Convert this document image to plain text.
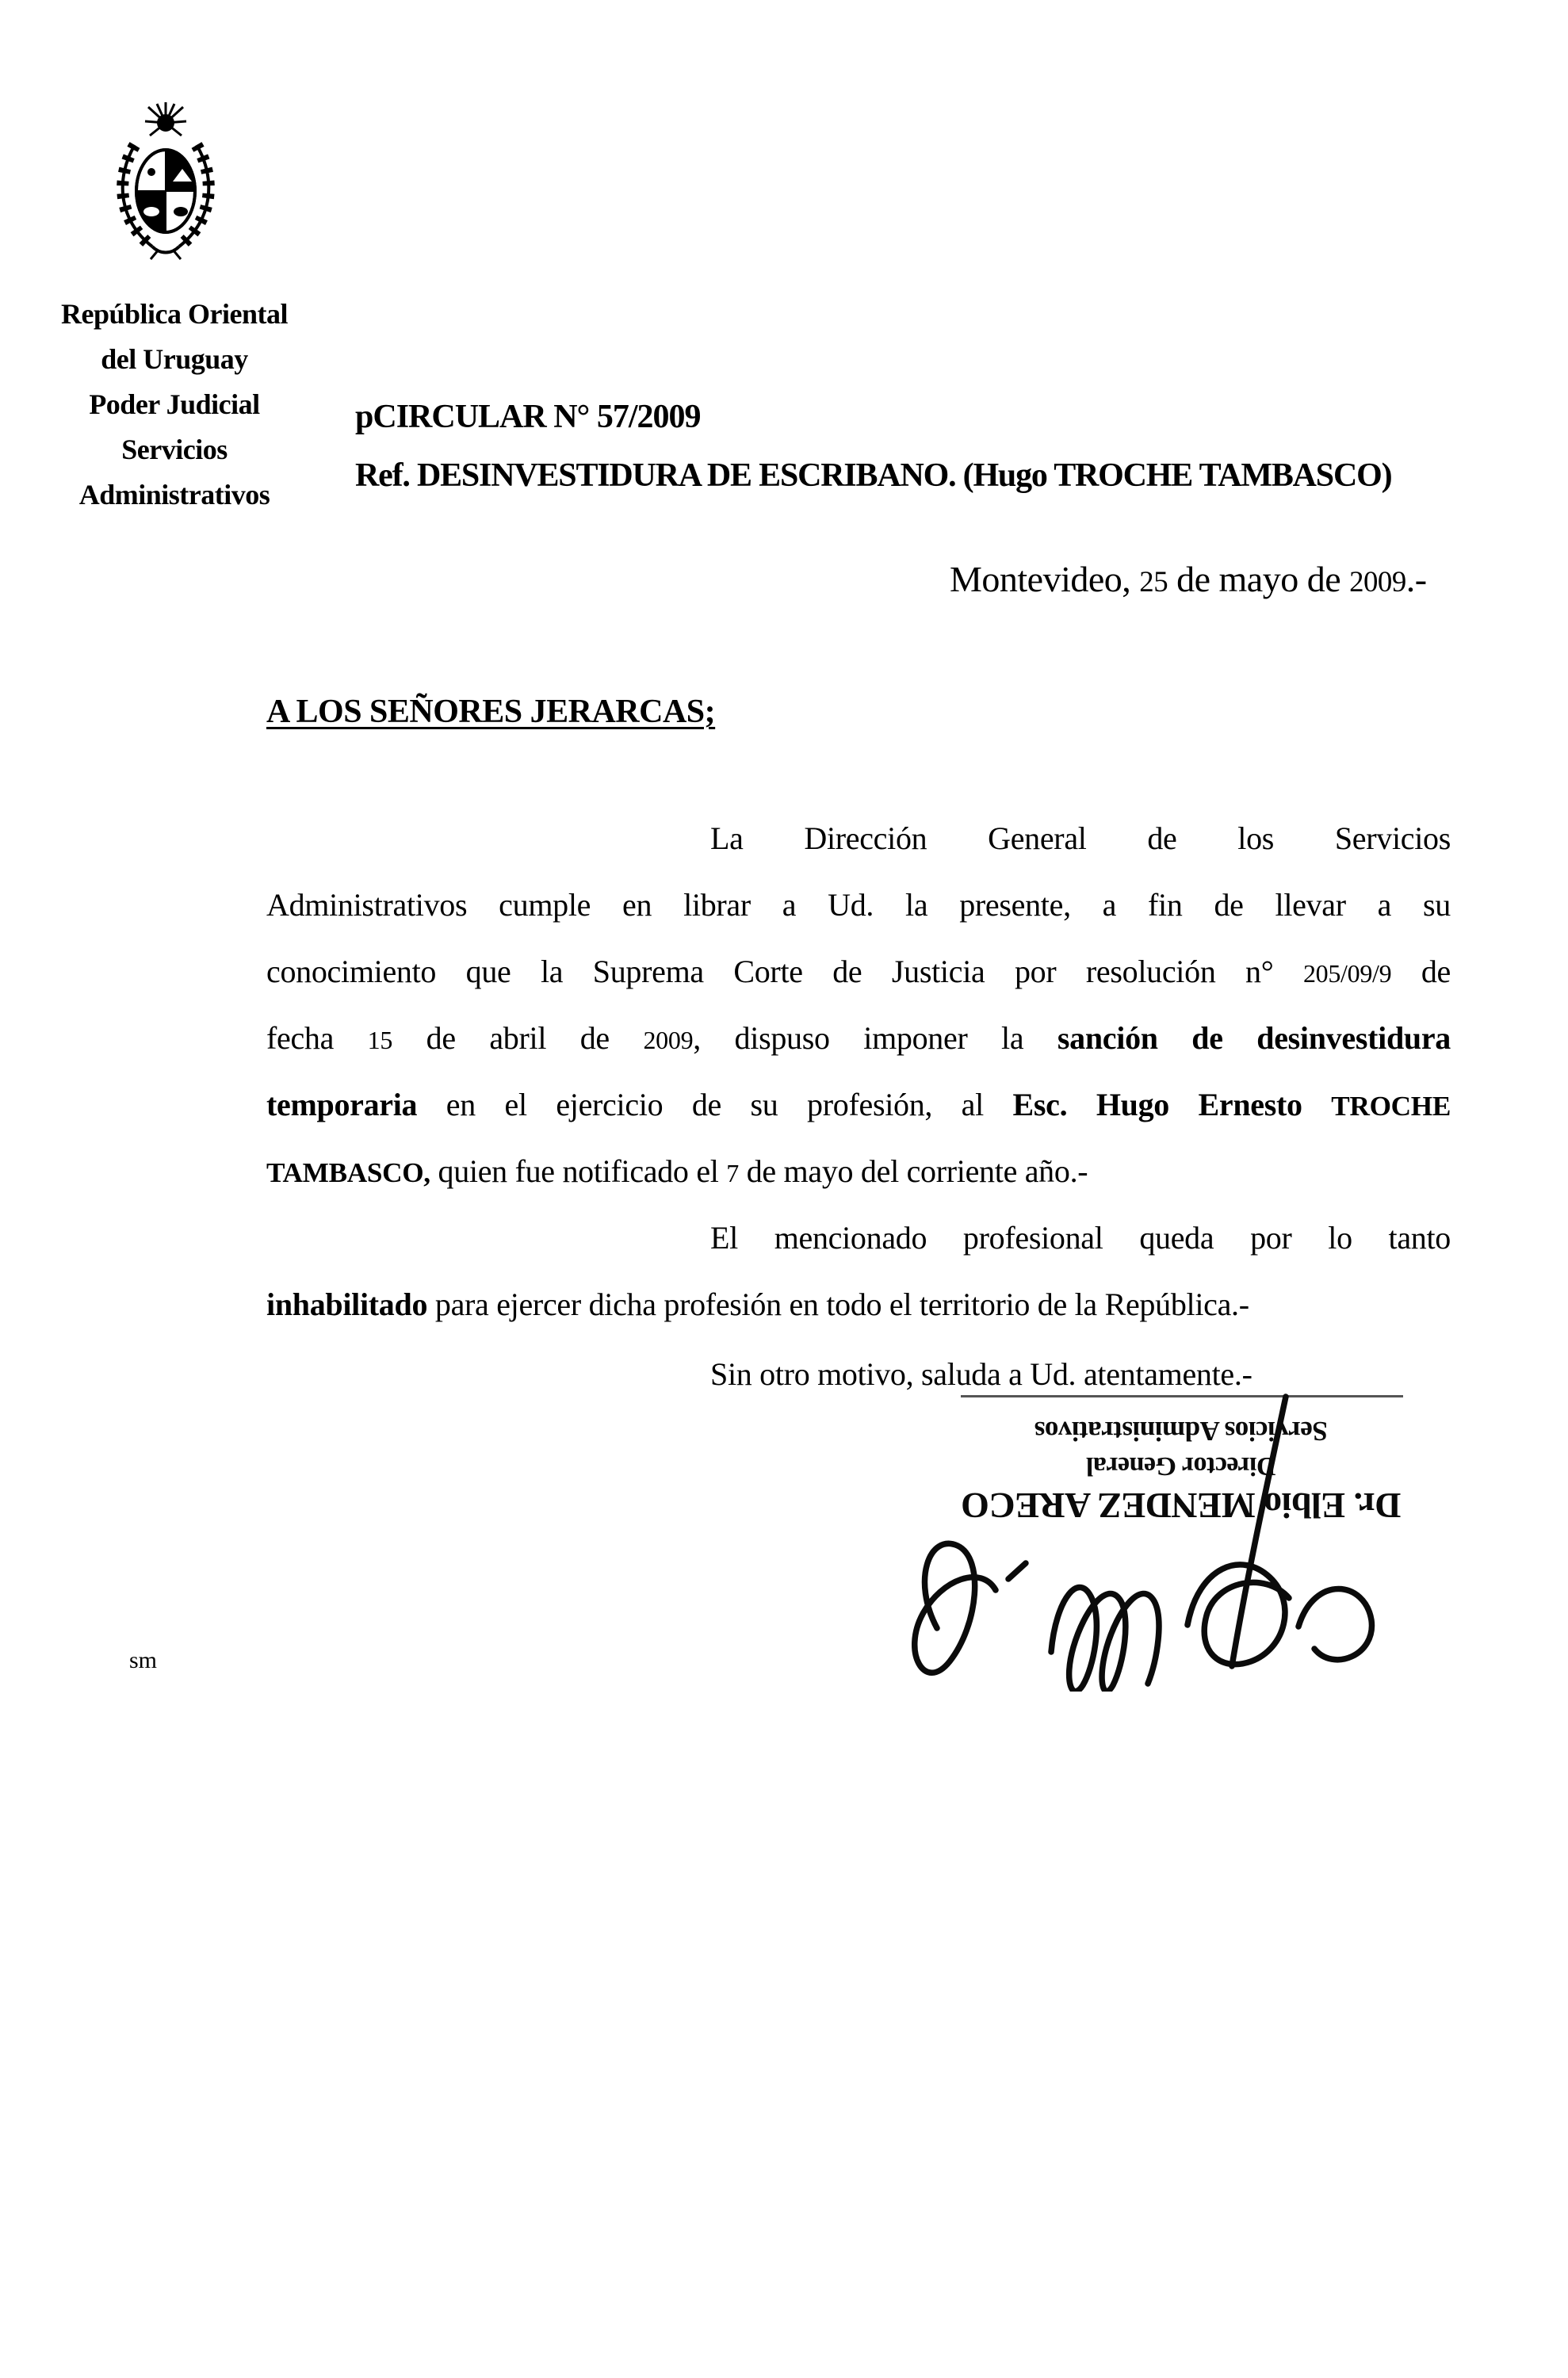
República Oriental
del Uruguay
Poder Judicial
Servicios
Administrativos
pCIRCULAR N° 57/2009
Ref. DESINVESTIDURA DE ESCRIBANO. (Hugo TROCHE TAMBASCO)
Montevideo, 25 de mayo de 2009.-
A LOS SEÑORES JERARCAS;
La Dirección General de los Servicios
Administrativos cumple en librar a Ud. la presente, a fin de llevar a su
conocimiento que la Suprema Corte de Justicia por resolución n° 205/09/9 de
fecha 15 de abril de 2009, dispuso imponer la sanción de desinvestidura
temporaria en el ejercicio de su profesión, al Esc. Hugo Ernesto TROCHE
TAMBASCO, quien fue notificado el 7 de mayo del corriente año.-
El mencionado profesional queda por lo tanto
inhabilitado para ejercer dicha profesión en todo el territorio de la República.-
Sin otro motivo, saluda a Ud. atentamente.-
Dr. Elbio MENDEZ ARECO
Director General
Servicios Administrativos
sm
